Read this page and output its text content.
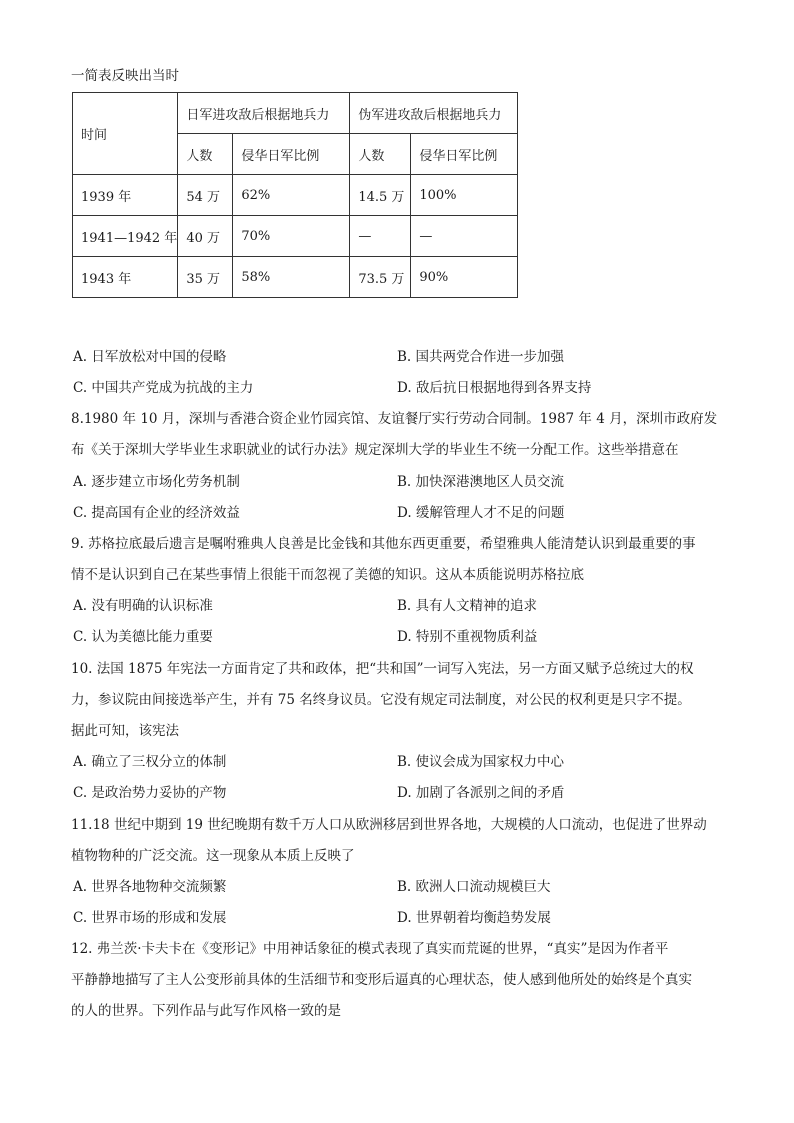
一简表反映出当时
时间	日军进攻敌后根据地兵力		伪军进攻敌后根据地兵力	
	人数	侵华日军比例	人数	侵华日军比例
1939 年	54 万	62%	14.5 万	100%
1941—1942 年	40 万	70%	—	—
1943 年	35 万	58%	73.5 万	90%
A. 日军放松对中国的侵略	B. 国共两党合作进一步加强
C. 中国共产党成为抗战的主力	D. 敌后抗日根据地得到各界支持
8.1980 年 10 月，深圳与香港合资企业竹园宾馆、友谊餐厅实行劳动合同制。1987 年 4 月，深圳市政府发
布《关于深圳大学毕业生求职就业的试行办法》规定深圳大学的毕业生不统一分配工作。这些举措意在
A. 逐步建立市场化劳务机制	B. 加快深港澳地区人员交流
C. 提高国有企业的经济效益	D. 缓解管理人才不足的问题
9. 苏格拉底最后遗言是嘱咐雅典人良善是比金钱和其他东西更重要，希望雅典人能清楚认识到最重要的事
情不是认识到自己在某些事情上很能干而忽视了美德的知识。这从本质能说明苏格拉底
A. 没有明确的认识标准	B. 具有人文精神的追求
C. 认为美德比能力重要	D. 特别不重视物质利益
10. 法国 1875 年宪法一方面肯定了共和政体，把“共和国”一词写入宪法，另一方面又赋予总统过大的权
力，参议院由间接选举产生，并有 75 名终身议员。它没有规定司法制度，对公民的权利更是只字不提。
据此可知，该宪法
A. 确立了三权分立的体制	B. 使议会成为国家权力中心
C. 是政治势力妥协的产物	D. 加剧了各派别之间的矛盾
11.18 世纪中期到 19 世纪晚期有数千万人口从欧洲移居到世界各地，大规模的人口流动，也促进了世界动
植物物种的广泛交流。这一现象从本质上反映了
A. 世界各地物种交流频繁	B. 欧洲人口流动规模巨大
C. 世界市场的形成和发展	D. 世界朝着均衡趋势发展
12. 弗兰茨·卡夫卡在《变形记》中用神话象征的模式表现了真实而荒诞的世界，“真实”是因为作者平
平静静地描写了主人公变形前具体的生活细节和变形后逼真的心理状态，使人感到他所处的始终是个真实
的人的世界。下列作品与此写作风格一致的是
